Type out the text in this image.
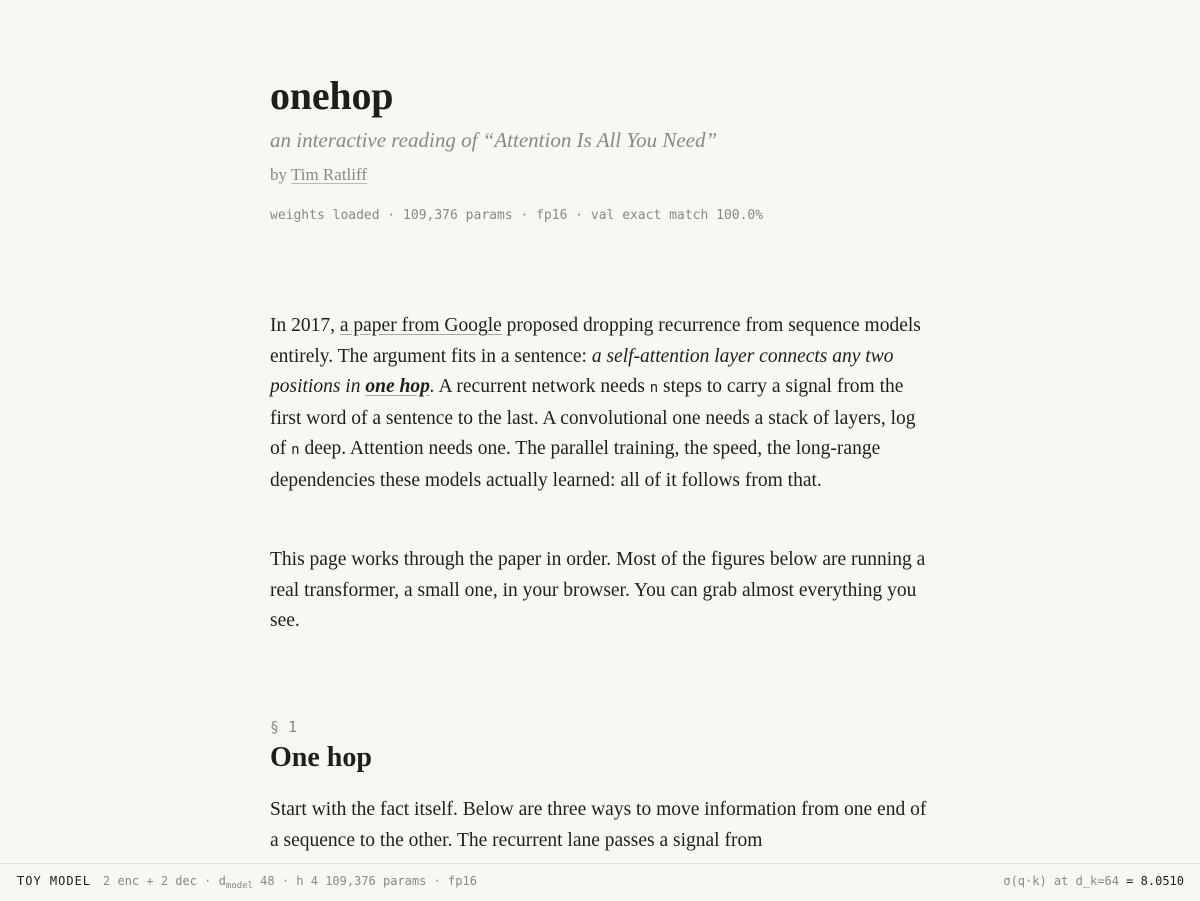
onehop
an interactive reading of “Attention Is All You Need”
by Tim Ratliff
weights loaded · 109,376 params · fp16 · val exact match 100.0%

In 2017, a paper from Google proposed dropping recurrence from sequence models entirely. The argument fits in a sentence: a self-attention layer connects any two positions in one hop. A recurrent network needs n steps to carry a signal from the first word of a sentence to the last. A convolutional one needs a stack of layers, log of n deep. Attention needs one. The parallel training, the speed, the long-range dependencies these models actually learned: all of it follows from that.

This page works through the paper in order. Most of the figures below are running a real transformer, a small one, in your browser. You can grab almost everything you see.

§ 1
One hop

Start with the fact itself. Below are three ways to move information from one end of a sequence to the other. The recurrent lane passes a signal from

TOY MODEL 2 enc + 2 dec · $d_{model}$ 48 · h 4 109,376 params · fp16	σ(q·k) at d_k=64 = 8.0510
